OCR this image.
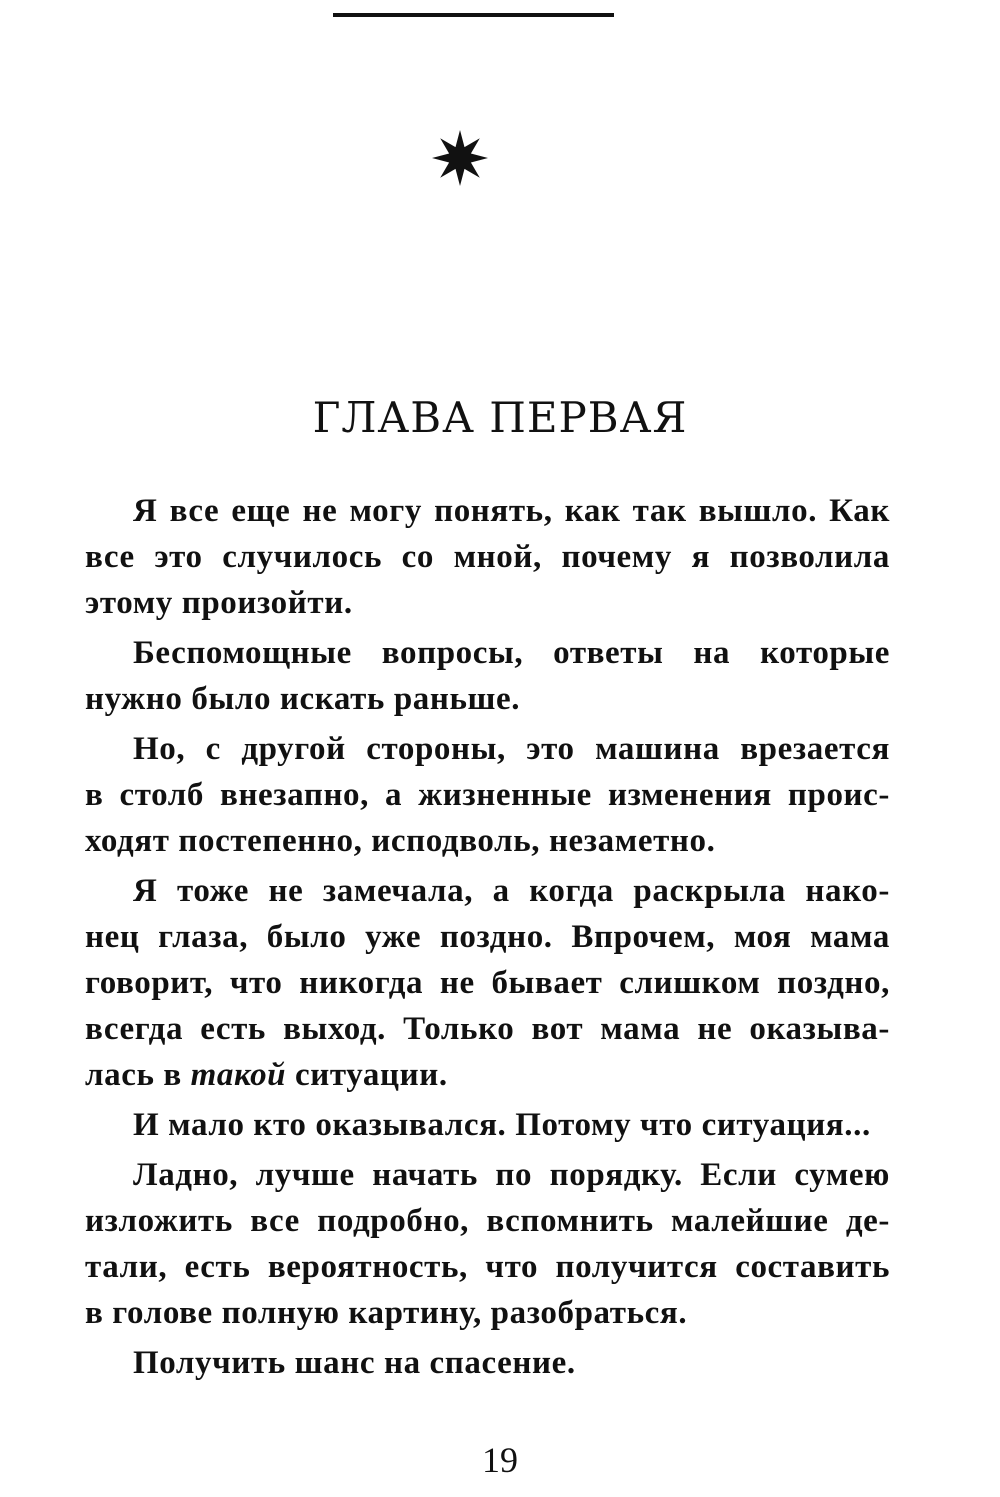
ГЛАВА ПЕРВАЯ
Я все еще не могу понять, как так вышло. Как
все это случилось со мной, почему я позволила
этому произойти.
Беспомощные вопросы, ответы на которые
нужно было искать раньше.
Но, с другой стороны, это машина врезается
в столб внезапно, а жизненные изменения проис-
ходят постепенно, исподволь, незаметно.
Я тоже не замечала, а когда раскрыла нако-
нец глаза, было уже поздно. Впрочем, моя мама
говорит, что никогда не бывает слишком поздно,
всегда есть выход. Только вот мама не оказыва-
лась в такой ситуации.
И мало кто оказывался. Потому что ситуация...
Ладно, лучше начать по порядку. Если сумею
изложить все подробно, вспомнить малейшие де-
тали, есть вероятность, что получится составить
в голове полную картину, разобраться.
Получить шанс на спасение.
19
